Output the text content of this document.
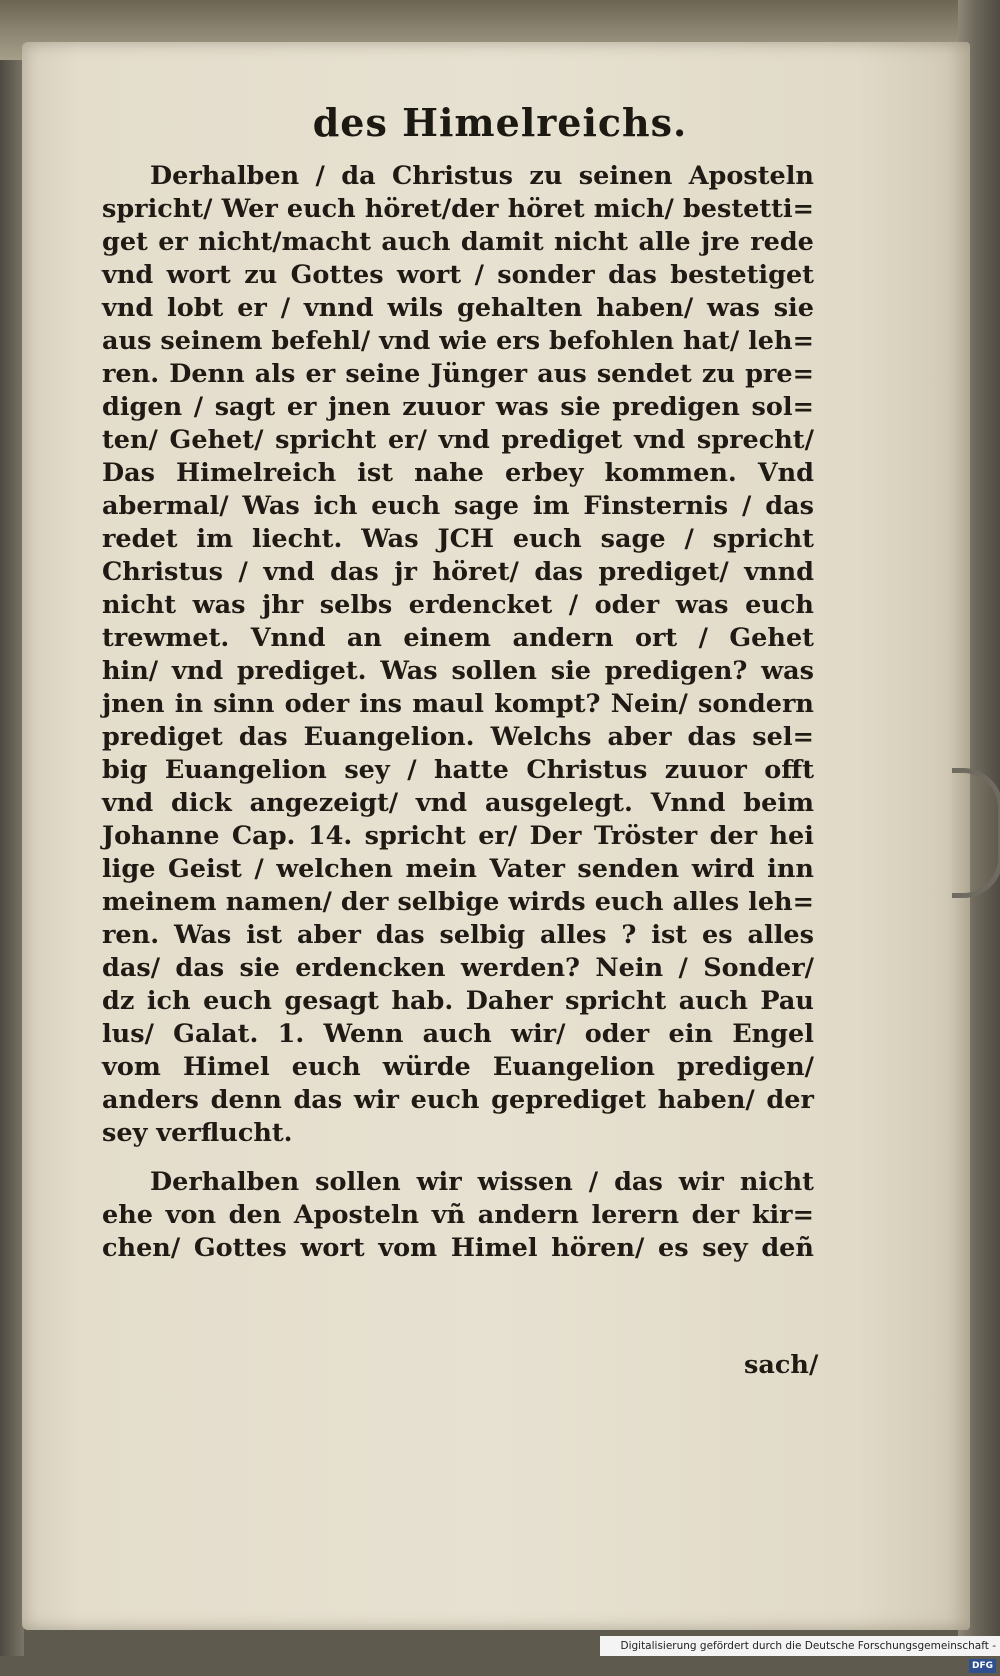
des Himelreichs.
Derhalben / da Christus zu seinen Aposteln
spricht/ Wer euch höret/der höret mich/ bestetti=
get er nicht/macht auch damit nicht alle jre rede
vnd wort zu Gottes wort / sonder das bestetiget
vnd lobt er / vnnd wils gehalten haben/ was sie
aus seinem befehl/ vnd wie ers befohlen hat/ leh=
ren. Denn als er seine Jünger aus sendet zu pre=
digen / sagt er jnen zuuor was sie predigen sol=
ten/ Gehet/ spricht er/ vnd prediget vnd sprecht/
Das Himelreich ist nahe erbey kommen. Vnd
abermal/ Was ich euch sage im Finsternis / das
redet im liecht. Was JCH euch sage / spricht
Christus / vnd das jr höret/ das prediget/ vnnd
nicht was jhr selbs erdencket / oder was euch
trewmet. Vnnd an einem andern ort / Gehet
hin/ vnd prediget. Was sollen sie predigen? was
jnen in sinn oder ins maul kompt? Nein/ sondern
prediget das Euangelion. Welchs aber das sel=
big Euangelion sey / hatte Christus zuuor offt
vnd dick angezeigt/ vnd ausgelegt. Vnnd beim
Johanne Cap. 14. spricht er/ Der Tröster der hei
lige Geist / welchen mein Vater senden wird inn
meinem namen/ der selbige wirds euch alles leh=
ren. Was ist aber das selbig alles ? ist es alles
das/ das sie erdencken werden? Nein / Sonder/
dz ich euch gesagt hab. Daher spricht auch Pau
lus/ Galat. 1. Wenn auch wir/ oder ein Engel
vom Himel euch würde Euangelion predigen/
anders denn das wir euch geprediget haben/ der
sey verflucht.
Derhalben sollen wir wissen / das wir nicht
ehe von den Aposteln vñ andern lerern der kir=
chen/ Gottes wort vom Himel hören/ es sey deñ
sach/
Digitalisierung gefördert durch die Deutsche Forschungsgemeinschaft - DFG
